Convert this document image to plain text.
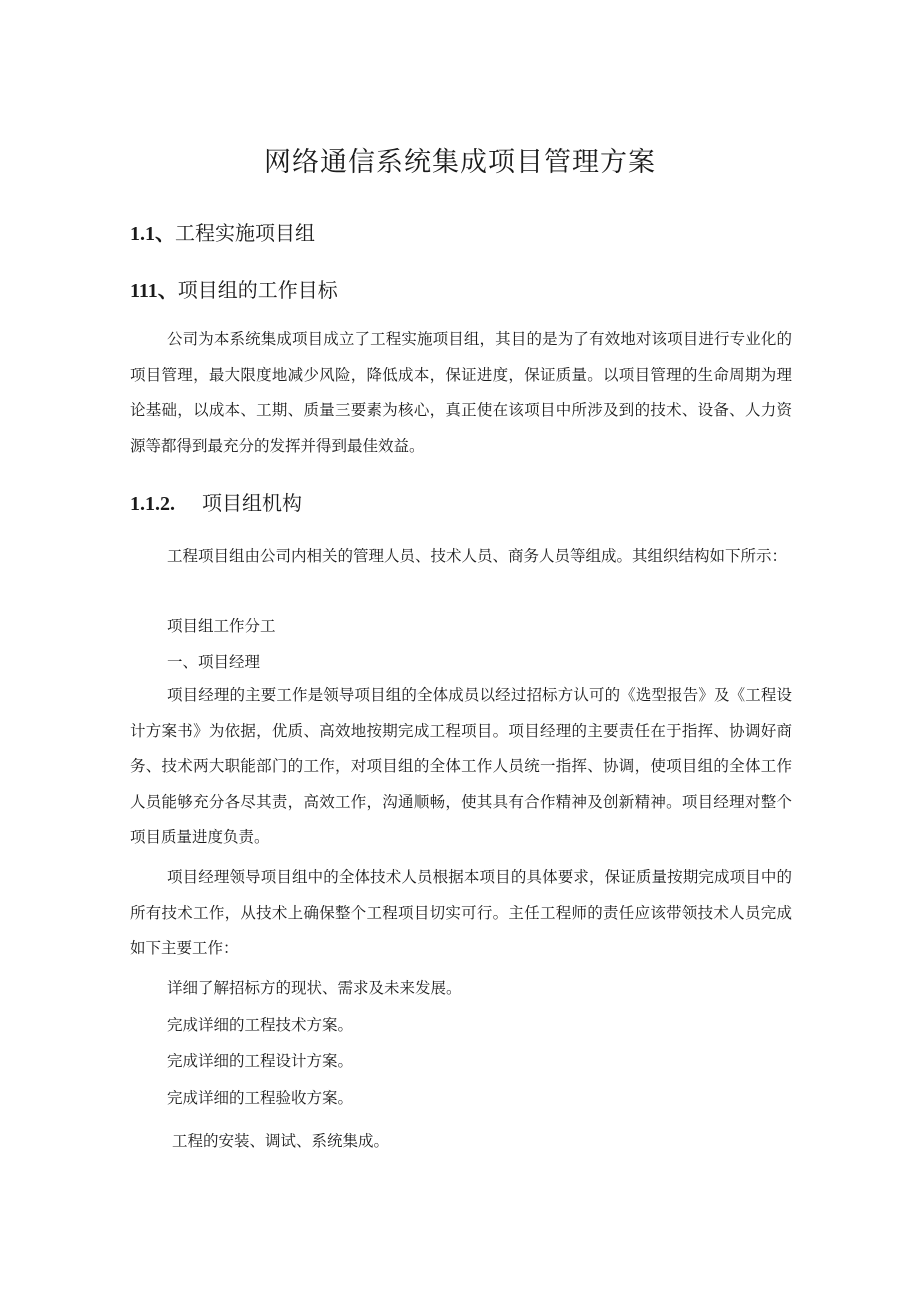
网络通信系统集成项目管理方案
1.1、工程实施项目组
111、项目组的工作目标

公司为本系统集成项目成立了工程实施项目组，其目的是为了有效地对该项目进行专业化的项目管理，最大限度地减少风险，降低成本，保证进度，保证质量。以项目管理的生命周期为理论基础，以成本、工期、质量三要素为核心，真正使在该项目中所涉及到的技术、设备、人力资源等都得到最充分的发挥并得到最佳效益。

1.1.2. 项目组机构

工程项目组由公司内相关的管理人员、技术人员、商务人员等组成。其组织结构如下所示：

项目组工作分工

一、项目经理

项目经理的主要工作是领导项目组的全体成员以经过招标方认可的《选型报告》及《工程设计方案书》为依据，优质、高效地按期完成工程项目。项目经理的主要责任在于指挥、协调好商务、技术两大职能部门的工作，对项目组的全体工作人员统一指挥、协调，使项目组的全体工作人员能够充分各尽其责，高效工作，沟通顺畅，使其具有合作精神及创新精神。项目经理对整个项目质量进度负责。

项目经理领导项目组中的全体技术人员根据本项目的具体要求，保证质量按期完成项目中的所有技术工作，从技术上确保整个工程项目切实可行。主任工程师的责任应该带领技术人员完成如下主要工作：

详细了解招标方的现状、需求及未来发展。

完成详细的工程技术方案。

完成详细的工程设计方案。

完成详细的工程验收方案。

工程的安装、调试、系统集成。
